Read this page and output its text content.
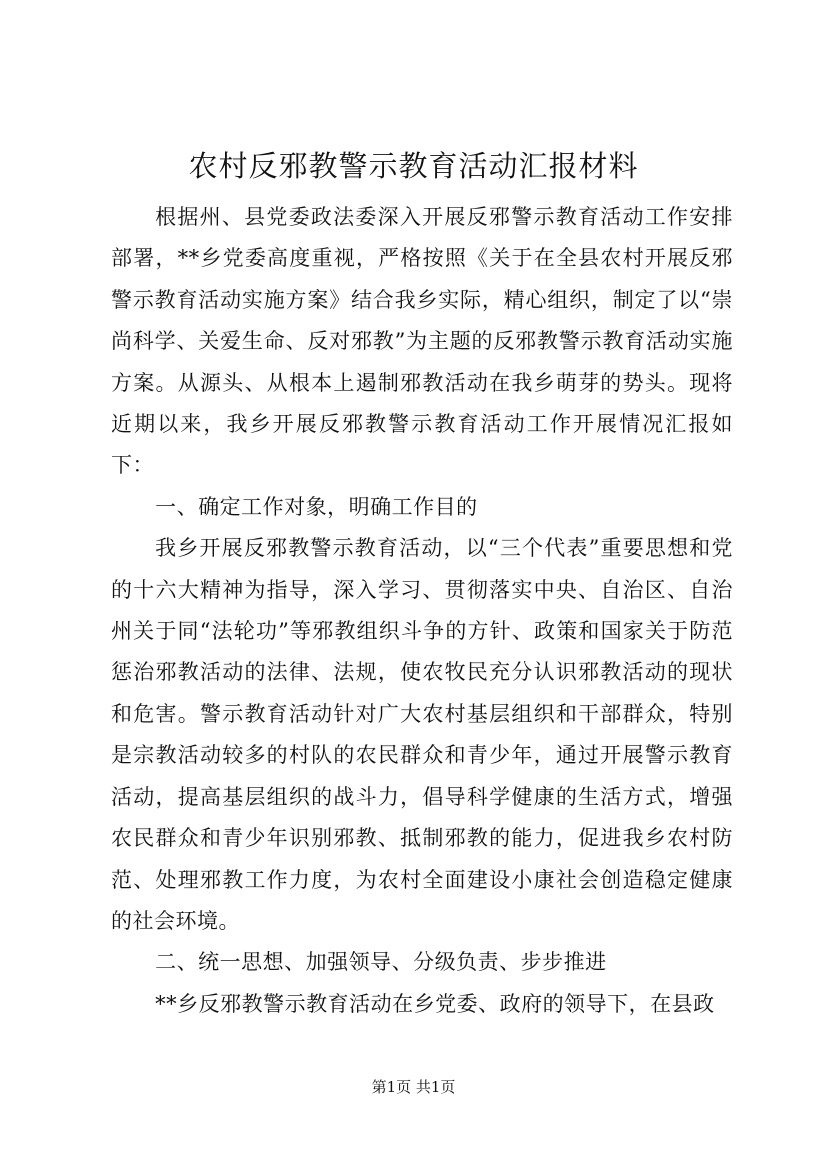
农村反邪教警示教育活动汇报材料

根据州、县党委政法委深入开展反邪警示教育活动工作安排部署，**乡党委高度重视，严格按照《关于在全县农村开展反邪警示教育活动实施方案》结合我乡实际，精心组织，制定了以“崇尚科学、关爱生命、反对邪教”为主题的反邪教警示教育活动实施方案。从源头、从根本上遏制邪教活动在我乡萌芽的势头。现将近期以来，我乡开展反邪教警示教育活动工作开展情况汇报如下：

一、确定工作对象，明确工作目的

我乡开展反邪教警示教育活动，以“三个代表”重要思想和党的十六大精神为指导，深入学习、贯彻落实中央、自治区、自治州关于同“法轮功”等邪教组织斗争的方针、政策和国家关于防范惩治邪教活动的法律、法规，使农牧民充分认识邪教活动的现状和危害。警示教育活动针对广大农村基层组织和干部群众，特别是宗教活动较多的村队的农民群众和青少年，通过开展警示教育活动，提高基层组织的战斗力，倡导科学健康的生活方式，增强农民群众和青少年识别邪教、抵制邪教的能力，促进我乡农村防范、处理邪教工作力度，为农村全面建设小康社会创造稳定健康的社会环境。

二、统一思想、加强领导、分级负责、步步推进

**乡反邪教警示教育活动在乡党委、政府的领导下，在县政

第1页 共1页
